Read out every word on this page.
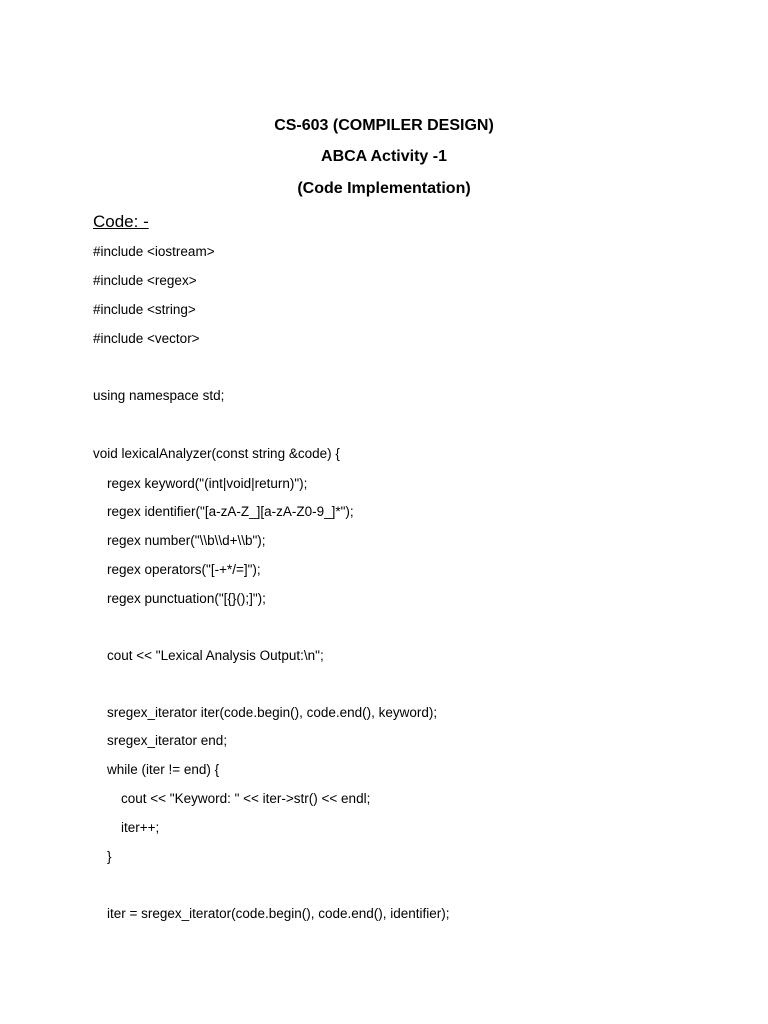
CS-603 (COMPILER DESIGN)
ABCA Activity -1
(Code Implementation)
Code: -
#include <iostream>
#include <regex>
#include <string>
#include <vector>
using namespace std;
void lexicalAnalyzer(const string &code) {
regex keyword("(int|void|return)");
regex identifier("[a-zA-Z_][a-zA-Z0-9_]*");
regex number("\\b\\d+\\b");
regex operators("[-+*/=]");
regex punctuation("[{}();]");
cout << "Lexical Analysis Output:\n";
sregex_iterator iter(code.begin(), code.end(), keyword);
sregex_iterator end;
while (iter != end) {
cout << "Keyword: " << iter->str() << endl;
iter++;
}
iter = sregex_iterator(code.begin(), code.end(), identifier);
